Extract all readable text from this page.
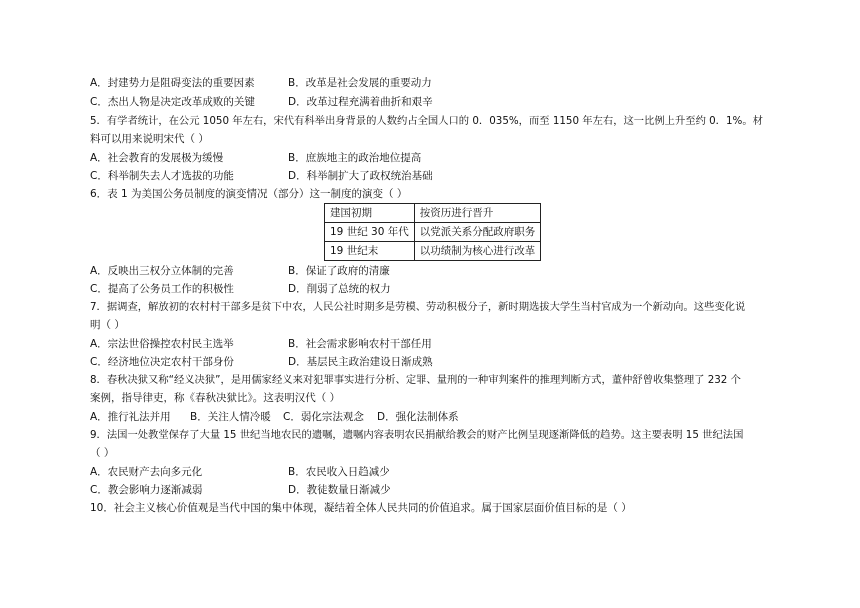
A．封建势力是阻碍变法的重要因素	B．改革是社会发展的重要动力
C．杰出人物是决定改革成败的关键	D．改革过程充满着曲折和艰辛
5．有学者统计，在公元 1050 年左右，宋代有科举出身背景的人数约占全国人口的 0．035%，而至 1150 年左右，这一比例上升至约 0．1%。材
料可以用来说明宋代（ ）
A．社会教育的发展极为缓慢	B．庶族地主的政治地位提高
C．科举制失去人才选拔的功能	D．科举制扩大了政权统治基础
6．表 1 为美国公务员制度的演变情况（部分）这一制度的演变（ ）
建国初期	按资历进行晋升
19 世纪 30 年代	以党派关系分配政府职务
19 世纪末	以功绩制为核心进行改革
A．反映出三权分立体制的完善	B．保证了政府的清廉
C．提高了公务员工作的积极性	D．削弱了总统的权力
7．据调查，解放初的农村村干部多是贫下中农，人民公社时期多是劳模、劳动积极分子，新时期选拔大学生当村官成为一个新动向。这些变化说
明（ ）
A．宗法世俗操控农村民主选举	B．社会需求影响农村干部任用
C．经济地位决定农村干部身份	D．基层民主政治建设日渐成熟
8．春秋决狱又称“经义决狱”，是用儒家经义来对犯罪事实进行分析、定罪、量刑的一种审判案件的推理判断方式，董仲舒曾收集整理了 232 个
案例，指导律吏，称《春秋决狱比》。这表明汉代（ ）
A．推行礼法并用 B．关注人情冷暖 C．弱化宗法观念 D．强化法制体系
9．法国一处教堂保存了大量 15 世纪当地农民的遗嘱，遗嘱内容表明农民捐献给教会的财产比例呈现逐渐降低的趋势。这主要表明 15 世纪法国
（ ）
A．农民财产去向多元化	B．农民收入日趋减少
C．教会影响力逐渐减弱	D．教徒数量日渐减少
10．社会主义核心价值观是当代中国的集中体现，凝结着全体人民共同的价值追求。属于国家层面价值目标的是（ ）
